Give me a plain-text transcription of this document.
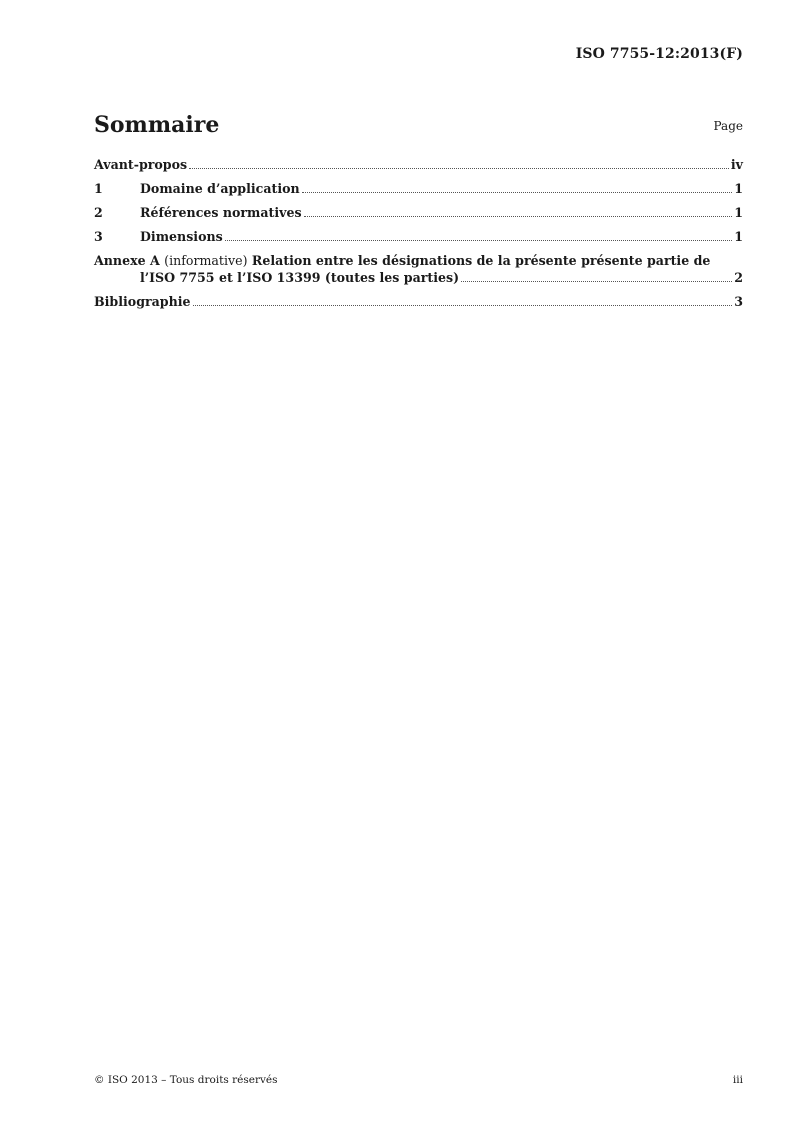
ISO 7755-12:2013(F)
Sommaire	Page
Avant-propos	iv
1	Domaine d’application	1
2	Références normatives	1
3	Dimensions	1
Annexe A (informative) Relation entre les désignations de la présente présente partie de
l’ISO 7755 et l’ISO 13399 (toutes les parties)	2
Bibliographie	3
© ISO 2013 – Tous droits réservés	iii
